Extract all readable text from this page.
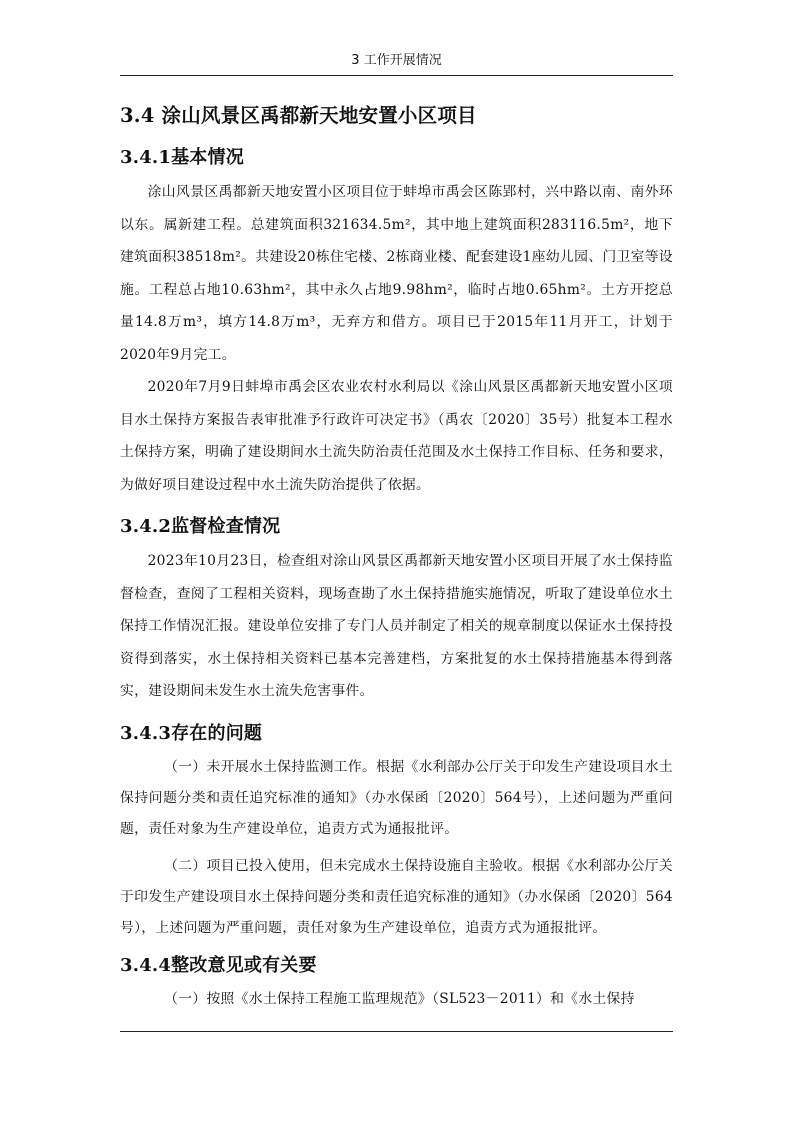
3 工作开展情况
3.4 涂山风景区禹都新天地安置小区项目
3.4.1基本情况

涂山风景区禹都新天地安置小区项目位于蚌埠市禹会区陈郢村，兴中路以南、南外环以东。属新建工程。总建筑面积321634.5m²，其中地上建筑面积283116.5m²，地下建筑面积38518m²。共建设20栋住宅楼、2栋商业楼、配套建设1座幼儿园、门卫室等设施。工程总占地10.63hm²，其中永久占地9.98hm²，临时占地0.65hm²。土方开挖总量14.8万m³，填方14.8万m³，无弃方和借方。项目已于2015年11月开工，计划于2020年9月完工。

2020年7月9日蚌埠市禹会区农业农村水利局以《涂山风景区禹都新天地安置小区项目水土保持方案报告表审批准予行政许可决定书》（禹农〔2020〕35号）批复本工程水土保持方案，明确了建设期间水土流失防治责任范围及水土保持工作目标、任务和要求，为做好项目建设过程中水土流失防治提供了依据。

3.4.2监督检查情况

2023年10月23日，检查组对涂山风景区禹都新天地安置小区项目开展了水土保持监督检查，查阅了工程相关资料，现场查勘了水土保持措施实施情况，听取了建设单位水土保持工作情况汇报。建设单位安排了专门人员并制定了相关的规章制度以保证水土保持投资得到落实，水土保持相关资料已基本完善建档，方案批复的水土保持措施基本得到落实，建设期间未发生水土流失危害事件。

3.4.3存在的问题

（一）未开展水土保持监测工作。根据《水利部办公厅关于印发生产建设项目水土保持问题分类和责任追究标准的通知》（办水保函〔2020〕564号），上述问题为严重问题，责任对象为生产建设单位，追责方式为通报批评。

（二）项目已投入使用，但未完成水土保持设施自主验收。根据《水利部办公厅关于印发生产建设项目水土保持问题分类和责任追究标准的通知》（办水保函〔2020〕564号），上述问题为严重问题，责任对象为生产建设单位，追责方式为通报批评。

3.4.4整改意见或有关要

（一）按照《水土保持工程施工监理规范》（SL523－2011）和《水土保持
